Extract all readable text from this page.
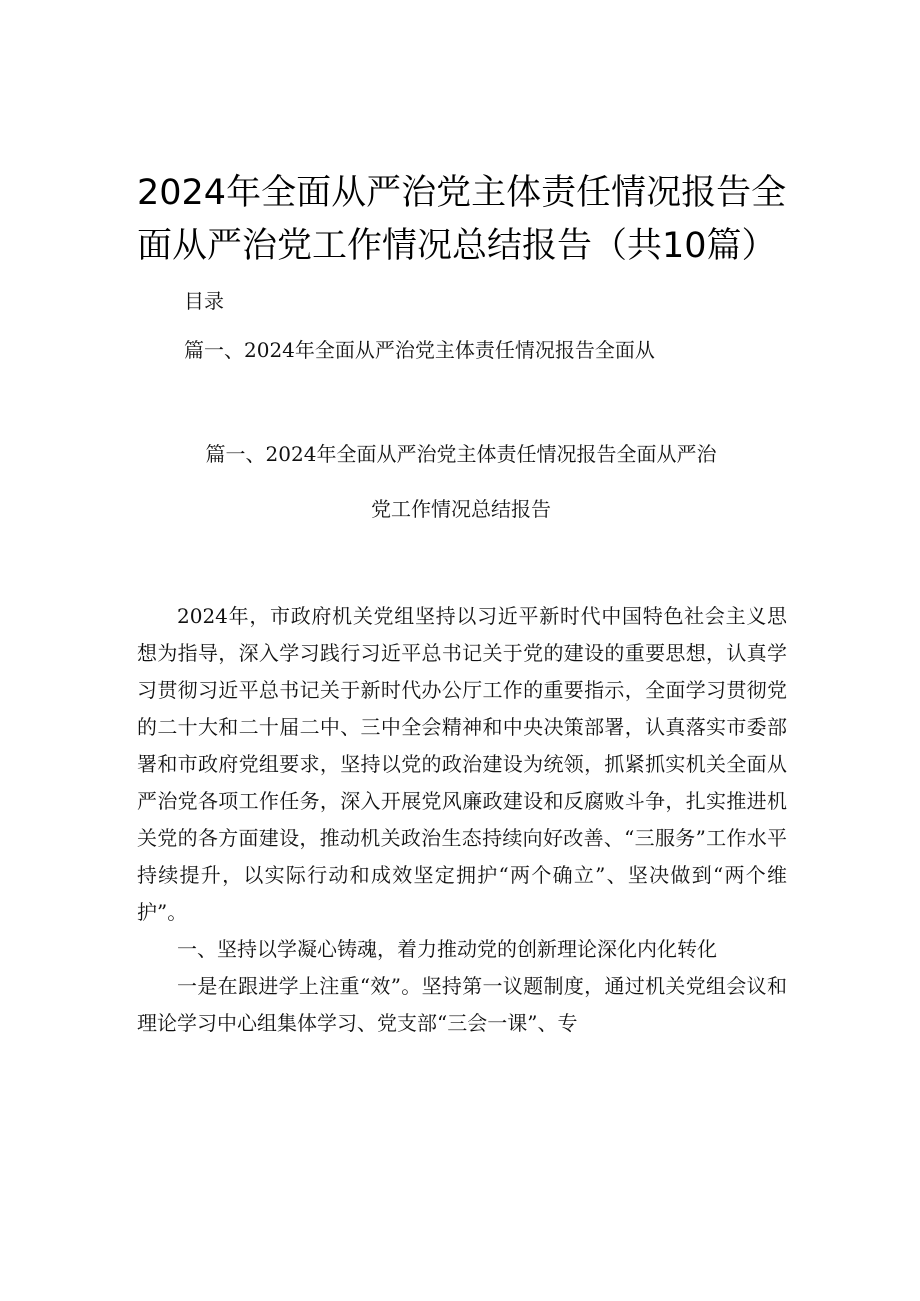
2024年全面从严治党主体责任情况报告全
面从严治党工作情况总结报告（共10篇）
目录
篇一、2024年全面从严治党主体责任情况报告全面从
篇一、2024年全面从严治党主体责任情况报告全面从严治
党工作情况总结报告

2024年，市政府机关党组坚持以习近平新时代中国特色社会主义思想为指导，深入学习践行习近平总书记关于党的建设的重要思想，认真学习贯彻习近平总书记关于新时代办公厅工作的重要指示，全面学习贯彻党的二十大和二十届二中、三中全会精神和中央决策部署，认真落实市委部署和市政府党组要求，坚持以党的政治建设为统领，抓紧抓实机关全面从严治党各项工作任务，深入开展党风廉政建设和反腐败斗争，扎实推进机关党的各方面建设，推动机关政治生态持续向好改善、“三服务”工作水平持续提升，以实际行动和成效坚定拥护“两个确立”、坚决做到“两个维护”。

一、坚持以学凝心铸魂，着力推动党的创新理论深化内化转化

一是在跟进学上注重“效”。坚持第一议题制度，通过机关党组会议和理论学习中心组集体学习、党支部“三会一课”、专
